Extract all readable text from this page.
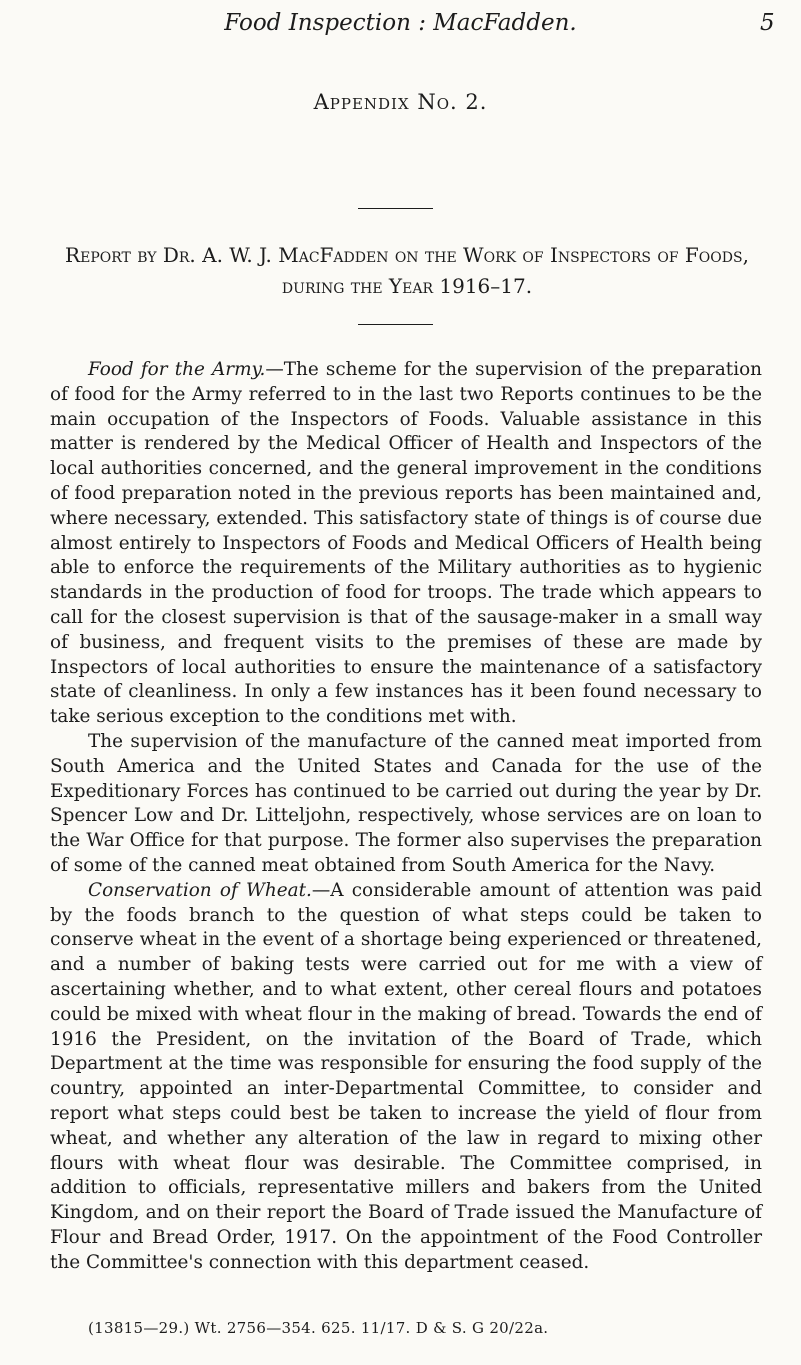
Food Inspection : MacFadden.	5
Appendix No. 2.
Report by Dr. A. W. J. MacFadden on the Work of Inspectors of Foods, during the Year 1916–17.

Food for the Army.—The scheme for the supervision of the preparation of food for the Army referred to in the last two Reports continues to be the main occupation of the Inspectors of Foods. Valuable assistance in this matter is rendered by the Medical Officer of Health and Inspectors of the local authorities concerned, and the general improvement in the conditions of food preparation noted in the previous reports has been maintained and, where necessary, extended. This satisfactory state of things is of course due almost entirely to Inspectors of Foods and Medical Officers of Health being able to enforce the requirements of the Military authorities as to hygienic standards in the production of food for troops. The trade which appears to call for the closest supervision is that of the sausage-maker in a small way of business, and frequent visits to the premises of these are made by Inspectors of local authorities to ensure the maintenance of a satisfactory state of cleanliness. In only a few instances has it been found necessary to take serious exception to the conditions met with.

The supervision of the manufacture of the canned meat imported from South America and the United States and Canada for the use of the Expeditionary Forces has continued to be carried out during the year by Dr. Spencer Low and Dr. Litteljohn, respectively, whose services are on loan to the War Office for that purpose. The former also supervises the preparation of some of the canned meat obtained from South America for the Navy.

Conservation of Wheat.—A considerable amount of attention was paid by the foods branch to the question of what steps could be taken to conserve wheat in the event of a shortage being experienced or threatened, and a number of baking tests were carried out for me with a view of ascertaining whether, and to what extent, other cereal flours and potatoes could be mixed with wheat flour in the making of bread. Towards the end of 1916 the President, on the invitation of the Board of Trade, which Department at the time was responsible for ensuring the food supply of the country, appointed an inter-Departmental Committee, to consider and report what steps could best be taken to increase the yield of flour from wheat, and whether any alteration of the law in regard to mixing other flours with wheat flour was desirable. The Committee comprised, in addition to officials, representative millers and bakers from the United Kingdom, and on their report the Board of Trade issued the Manufacture of Flour and Bread Order, 1917. On the appointment of the Food Controller the Committee's connection with this department ceased.

(13815—29.) Wt. 2756—354. 625. 11/17. D & S. G 20/22a.
